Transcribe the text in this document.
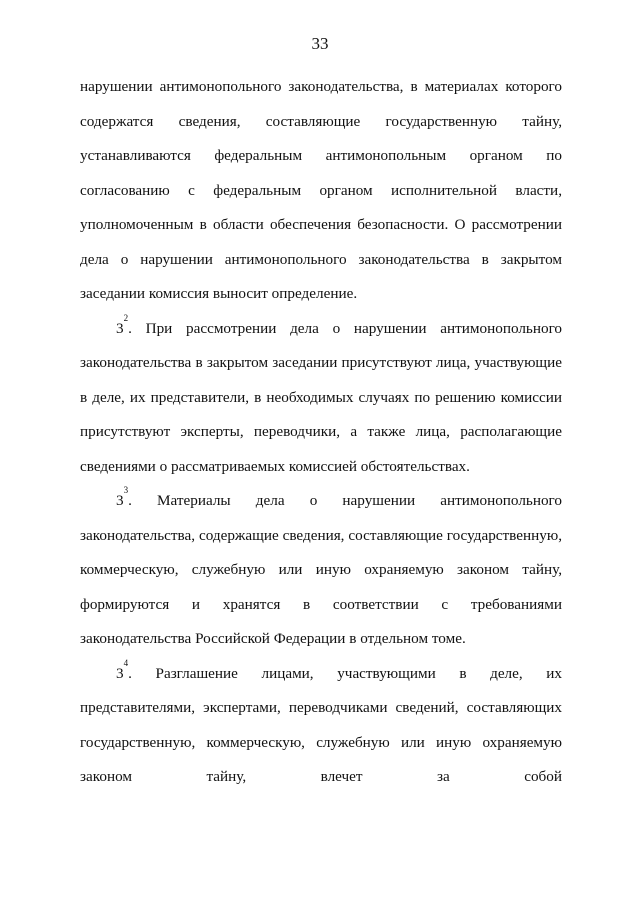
33

нарушении антимонопольного законодательства, в материалах которого содержатся сведения, составляющие государственную тайну, устанавливаются федеральным антимонопольным органом по согласованию с федеральным органом исполнительной власти, уполномоченным в области обеспечения безопасности. О рассмотрении дела о нарушении антимонопольного законодательства в закрытом заседании комиссия выносит определение.

$3^2$. При рассмотрении дела о нарушении антимонопольного законодательства в закрытом заседании присутствуют лица, участвующие в деле, их представители, в необходимых случаях по решению комиссии присутствуют эксперты, переводчики, а также лица, располагающие сведениями о рассматриваемых комиссией обстоятельствах.

$3^3$. Материалы дела о нарушении антимонопольного законодательства, содержащие сведения, составляющие государственную, коммерческую, служебную или иную охраняемую законом тайну, формируются и хранятся в соответствии с требованиями законодательства Российской Федерации в отдельном томе.

$3^4$. Разглашение лицами, участвующими в деле, их представителями, экспертами, переводчиками сведений, составляющих государственную, коммерческую, служебную или иную охраняемую законом тайну, влечет за собой
